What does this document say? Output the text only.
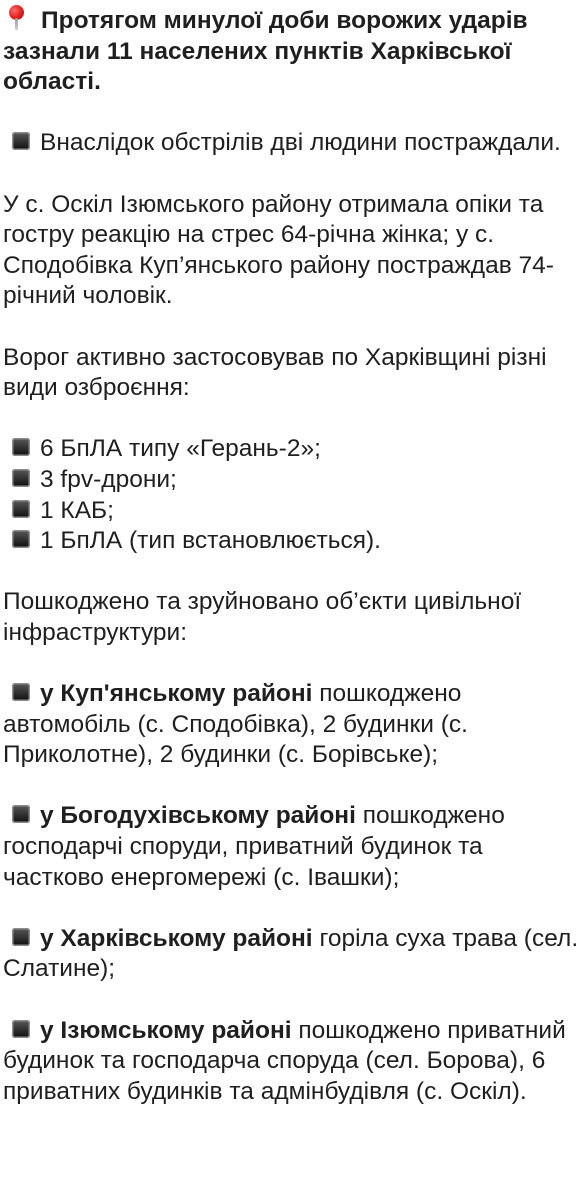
Протягом минулої доби ворожих ударів зазнали 11 населених пунктів Харківської області.

Внаслідок обстрілів дві людини постраждали.

У с. Оскіл Ізюмського району отримала опіки та гостру реакцію на стрес 64-річна жінка; у с. Сподобівка Куп’янського району постраждав 74-річний чоловік.

Ворог активно застосовував по Харківщині різні види озброєння:

6 БпЛА типу «Герань-2»;
3 fpv-дрони;
1 КАБ;
1 БпЛА (тип встановлюється).

Пошкоджено та зруйновано об’єкти цивільної інфраструктури:

у Куп'янському районі пошкоджено автомобіль (с. Сподобівка), 2 будинки (с. Приколотне), 2 будинки (с. Борівське);

у Богодухівському районі пошкоджено господарчі споруди, приватний будинок та частково енергомережі (с. Івашки);

у Харківському районі горіла суха трава (сел. Слатине);

у Ізюмському районі пошкоджено приватний будинок та господарча споруда (сел. Борова), 6 приватних будинків та адмінбудівля (с. Оскіл).
